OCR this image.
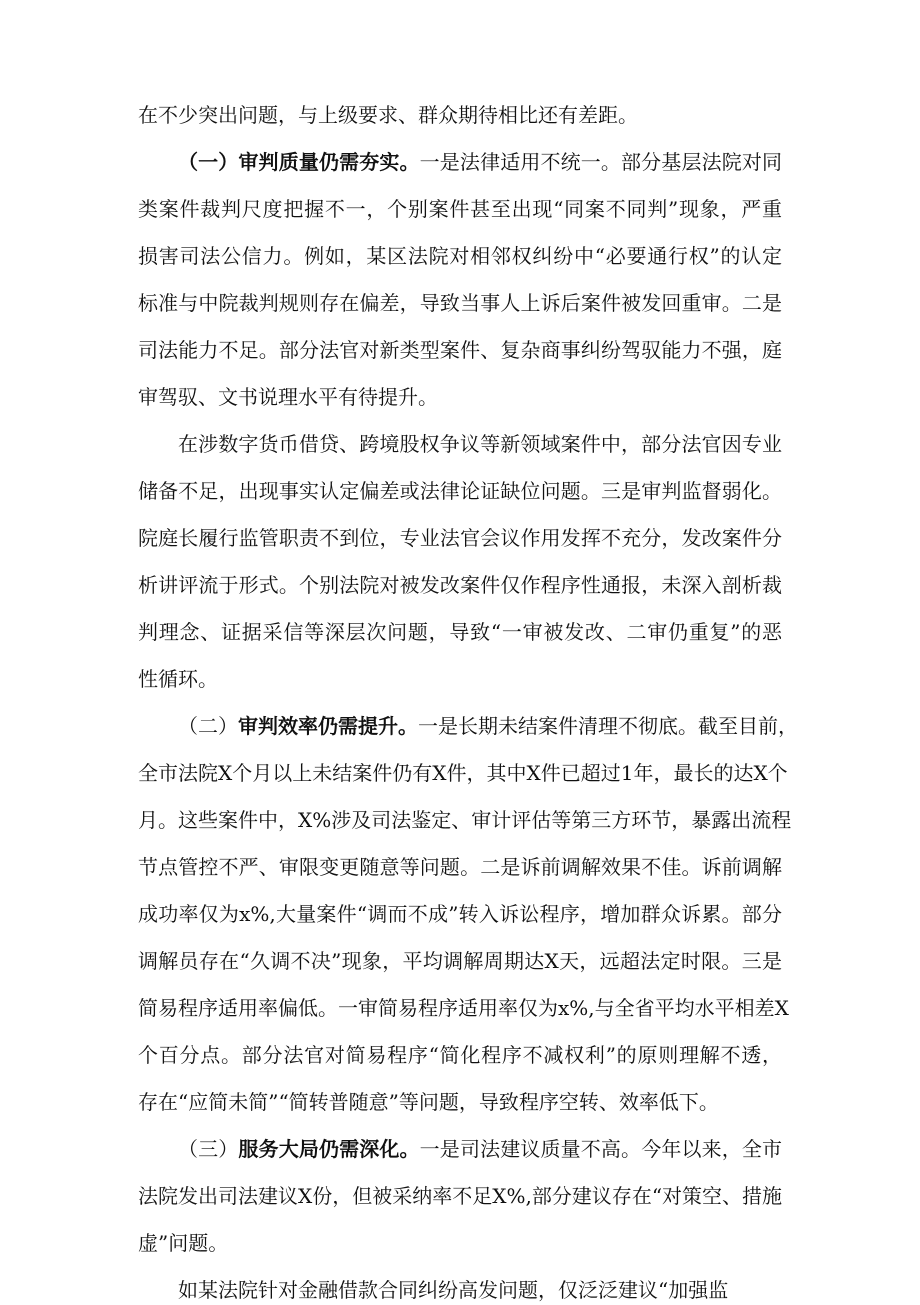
在不少突出问题，与上级要求、群众期待相比还有差距。
（一）审判质量仍需夯实。一是法律适用不统一。部分基层法院对同
类案件裁判尺度把握不一，个别案件甚至出现“同案不同判”现象，严重
损害司法公信力。例如，某区法院对相邻权纠纷中“必要通行权”的认定
标准与中院裁判规则存在偏差，导致当事人上诉后案件被发回重审。二是
司法能力不足。部分法官对新类型案件、复杂商事纠纷驾驭能力不强，庭
审驾驭、文书说理水平有待提升。
在涉数字货币借贷、跨境股权争议等新领域案件中，部分法官因专业
储备不足，出现事实认定偏差或法律论证缺位问题。三是审判监督弱化。
院庭长履行监管职责不到位，专业法官会议作用发挥不充分，发改案件分
析讲评流于形式。个别法院对被发改案件仅作程序性通报，未深入剖析裁
判理念、证据采信等深层次问题，导致“一审被发改、二审仍重复”的恶
性循环。
（二）审判效率仍需提升。一是长期未结案件清理不彻底。截至目前，
全市法院X个月以上未结案件仍有X件，其中X件已超过1年，最长的达X个
月。这些案件中，X%涉及司法鉴定、审计评估等第三方环节，暴露出流程
节点管控不严、审限变更随意等问题。二是诉前调解效果不佳。诉前调解
成功率仅为x%,大量案件“调而不成”转入诉讼程序，增加群众诉累。部分
调解员存在“久调不决”现象，平均调解周期达X天，远超法定时限。三是
简易程序适用率偏低。一审简易程序适用率仅为x%,与全省平均水平相差X
个百分点。部分法官对简易程序“简化程序不减权利”的原则理解不透，
存在“应简未简”“简转普随意”等问题，导致程序空转、效率低下。
（三）服务大局仍需深化。一是司法建议质量不高。今年以来，全市
法院发出司法建议X份，但被采纳率不足X%,部分建议存在“对策空、措施
虚”问题。
如某法院针对金融借款合同纠纷高发问题，仅泛泛建议“加强监
